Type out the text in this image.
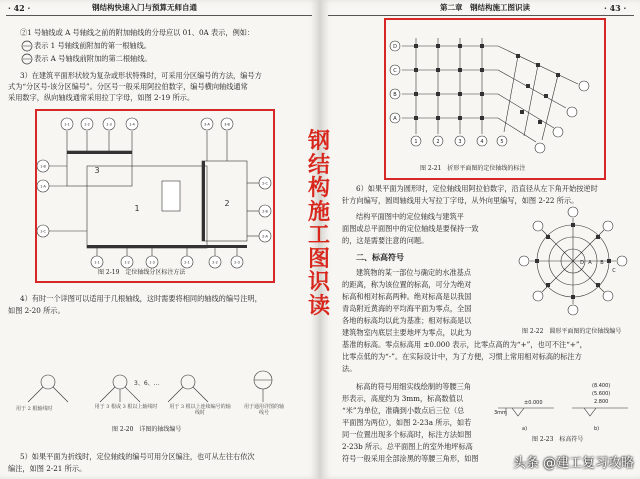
· 42 ·	钢结构快速入门与预算无师自通
②1 号轴线或 A 号轴线之前的附加轴线的分母应以 01、0A 表示，例如：
表示 1 号轴线前附加的第一根轴线。
表示 A 号轴线前附加的第二根轴线。
3）在建筑平面形状较为复杂或形状特殊时，可采用分区编号的方法，编号方
式为“分区号-该分区编号”。分区号一般采用阿拉伯数字，编号横向轴线通常
采用数字，纵向轴线通常采用拉丁字母，如图 2-19 所示。
1-1	1-2	1-3	1-4	3-A	3-B
1-B
1-A
1-C
2-C
2-B
2-A
1-1	1-2	1-3	2-1	2-2	2-3
1
2
3
图 2-19　定位轴线分区标注方法
4）有时一个详图可以适用于几根轴线，这时需要将相同的轴线的编号注明，
如图 2-20 所示。
3、6、…
用于 2 根轴线时	用于 3 根或 3 根以上轴线时 用于 3 根以上连续编号的轴线时
用于通用详图的轴线号
图 2-20　详图的轴线编号
5）如果平面为折线时，定位轴线的编号可用分区编注，也可从左往右依次
编注，如图 2-21 所示。
第二章　钢结构施工图识读	· 43 ·
D
C
B
A
1	2	3	4	5
图 2-21　折形平面图的定位轴线的标注
6）如果平面为圆形时，定位轴线用阿拉伯数字，沿直径从左下角开始按逆时
针方向编写，圆周轴线用大写拉丁字母，从外向里编写，如图 2-22 所示。
结构平面图中的定位轴线与建筑平
面图或总平面图中的定位轴线是要保持一致
的，这是需要注意的问题。
二、标高符号
A B
C
D
图 2-22　圆形平面图的定位轴线编号
建筑物的某一部位与确定的水准基点
的距离，称为该位置的标高，可分为绝对
标高和相对标高两种。绝对标高是以我国
青岛附近黄海的平均海平面为零点，全国
各地的标高均以此为基准；相对标高是以
建筑物室内底层主要地坪为零点，以此为
基准的标高。零点标高用 ±0.000 表示，比零点高的为“+”，也可不注“+”，
比零点低的为“-”。在实际设计中，为了方便，习惯上常用相对标高的标注方
法。
标高的符号用细实线绘制的等腰三角
形表示，高度约为 3mm，标高数值以
“米”为单位，准确到小数点后三位（总
平面图为两位），如图 2-23a 所示，如若
同一位置出现多个标高时，标注方法如图
2-23b 所示。总平面图上的室外地坪标高
符号一般采用全部涂黑的等腰三角形，如图
±0.000
3mm
(8.400)
(5.600)
2.800
a)	b)
图 2-23　标高符号
钢
结
构
施
工
图
识
读
头条 @建工复习攻略
